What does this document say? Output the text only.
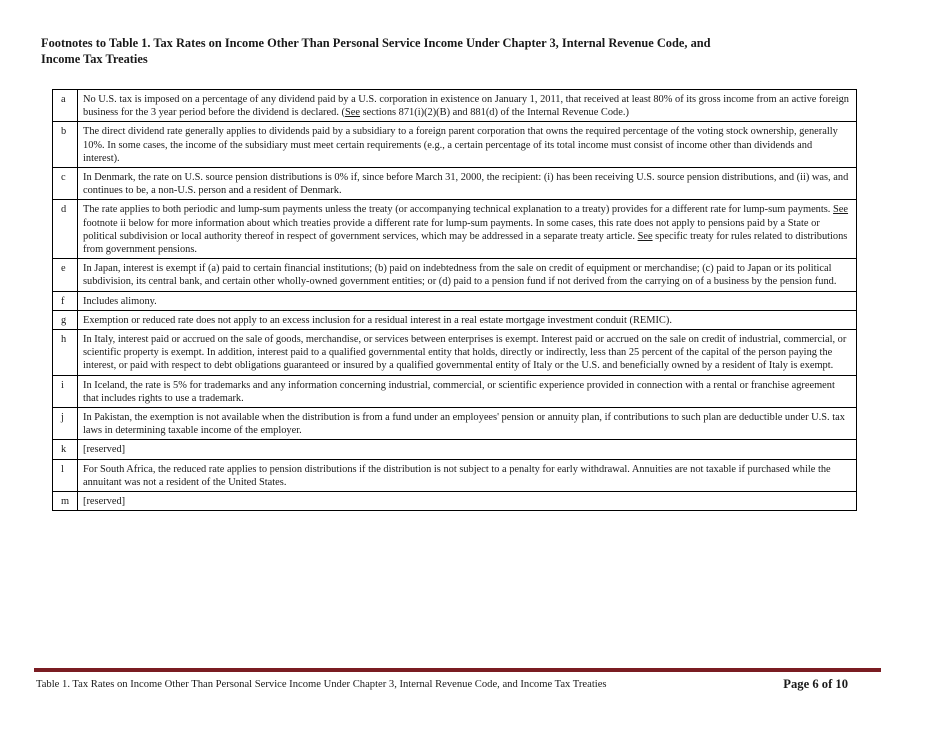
Footnotes to Table 1. Tax Rates on Income Other Than Personal Service Income Under Chapter 3, Internal Revenue Code, and
Income Tax Treaties
a	No U.S. tax is imposed on a percentage of any dividend paid by a U.S. corporation in existence on January 1, 2011, that received at least 80% of its gross income from an active foreign business for the 3 year period before the dividend is declared. (See sections 871(i)(2)(B) and 881(d) of the Internal Revenue Code.)
b	The direct dividend rate generally applies to dividends paid by a subsidiary to a foreign parent corporation that owns the required percentage of the voting stock ownership, generally 10%. In some cases, the income of the subsidiary must meet certain requirements (e.g., a certain percentage of its total income must consist of income other than dividends and interest).
c	In Denmark, the rate on U.S. source pension distributions is 0% if, since before March 31, 2000, the recipient: (i) has been receiving U.S. source pension distributions, and (ii) was, and continues to be, a non-U.S. person and a resident of Denmark.
d	The rate applies to both periodic and lump-sum payments unless the treaty (or accompanying technical explanation to a treaty) provides for a different rate for lump-sum payments. See footnote ii below for more information about which treaties provide a different rate for lump-sum payments. In some cases, this rate does not apply to pensions paid by a State or political subdivision or local authority thereof in respect of government services, which may be addressed in a separate treaty article. See specific treaty for rules related to distributions from government pensions.
e	In Japan, interest is exempt if (a) paid to certain financial institutions; (b) paid on indebtedness from the sale on credit of equipment or merchandise; (c) paid to Japan or its political subdivision, its central bank, and certain other wholly-owned government entities; or (d) paid to a pension fund if not derived from the carrying on of a business by the pension fund.
f	Includes alimony.
g	Exemption or reduced rate does not apply to an excess inclusion for a residual interest in a real estate mortgage investment conduit (REMIC).
h	In Italy, interest paid or accrued on the sale of goods, merchandise, or services between enterprises is exempt. Interest paid or accrued on the sale on credit of industrial, commercial, or scientific property is exempt. In addition, interest paid to a qualified governmental entity that holds, directly or indirectly, less than 25 percent of the capital of the person paying the interest, or paid with respect to debt obligations guaranteed or insured by a qualified governmental entity of Italy or the U.S. and beneficially owned by a resident of Italy is exempt.
i	In Iceland, the rate is 5% for trademarks and any information concerning industrial, commercial, or scientific experience provided in connection with a rental or franchise agreement that includes rights to use a trademark.
j	In Pakistan, the exemption is not available when the distribution is from a fund under an employees' pension or annuity plan, if contributions to such plan are deductible under U.S. tax laws in determining taxable income of the employer.
k	[reserved]
l	For South Africa, the reduced rate applies to pension distributions if the distribution is not subject to a penalty for early withdrawal. Annuities are not taxable if purchased while the annuitant was not a resident of the United States.
m	[reserved]
Table 1. Tax Rates on Income Other Than Personal Service Income Under Chapter 3, Internal Revenue Code, and Income Tax Treaties	Page 6 of 10
